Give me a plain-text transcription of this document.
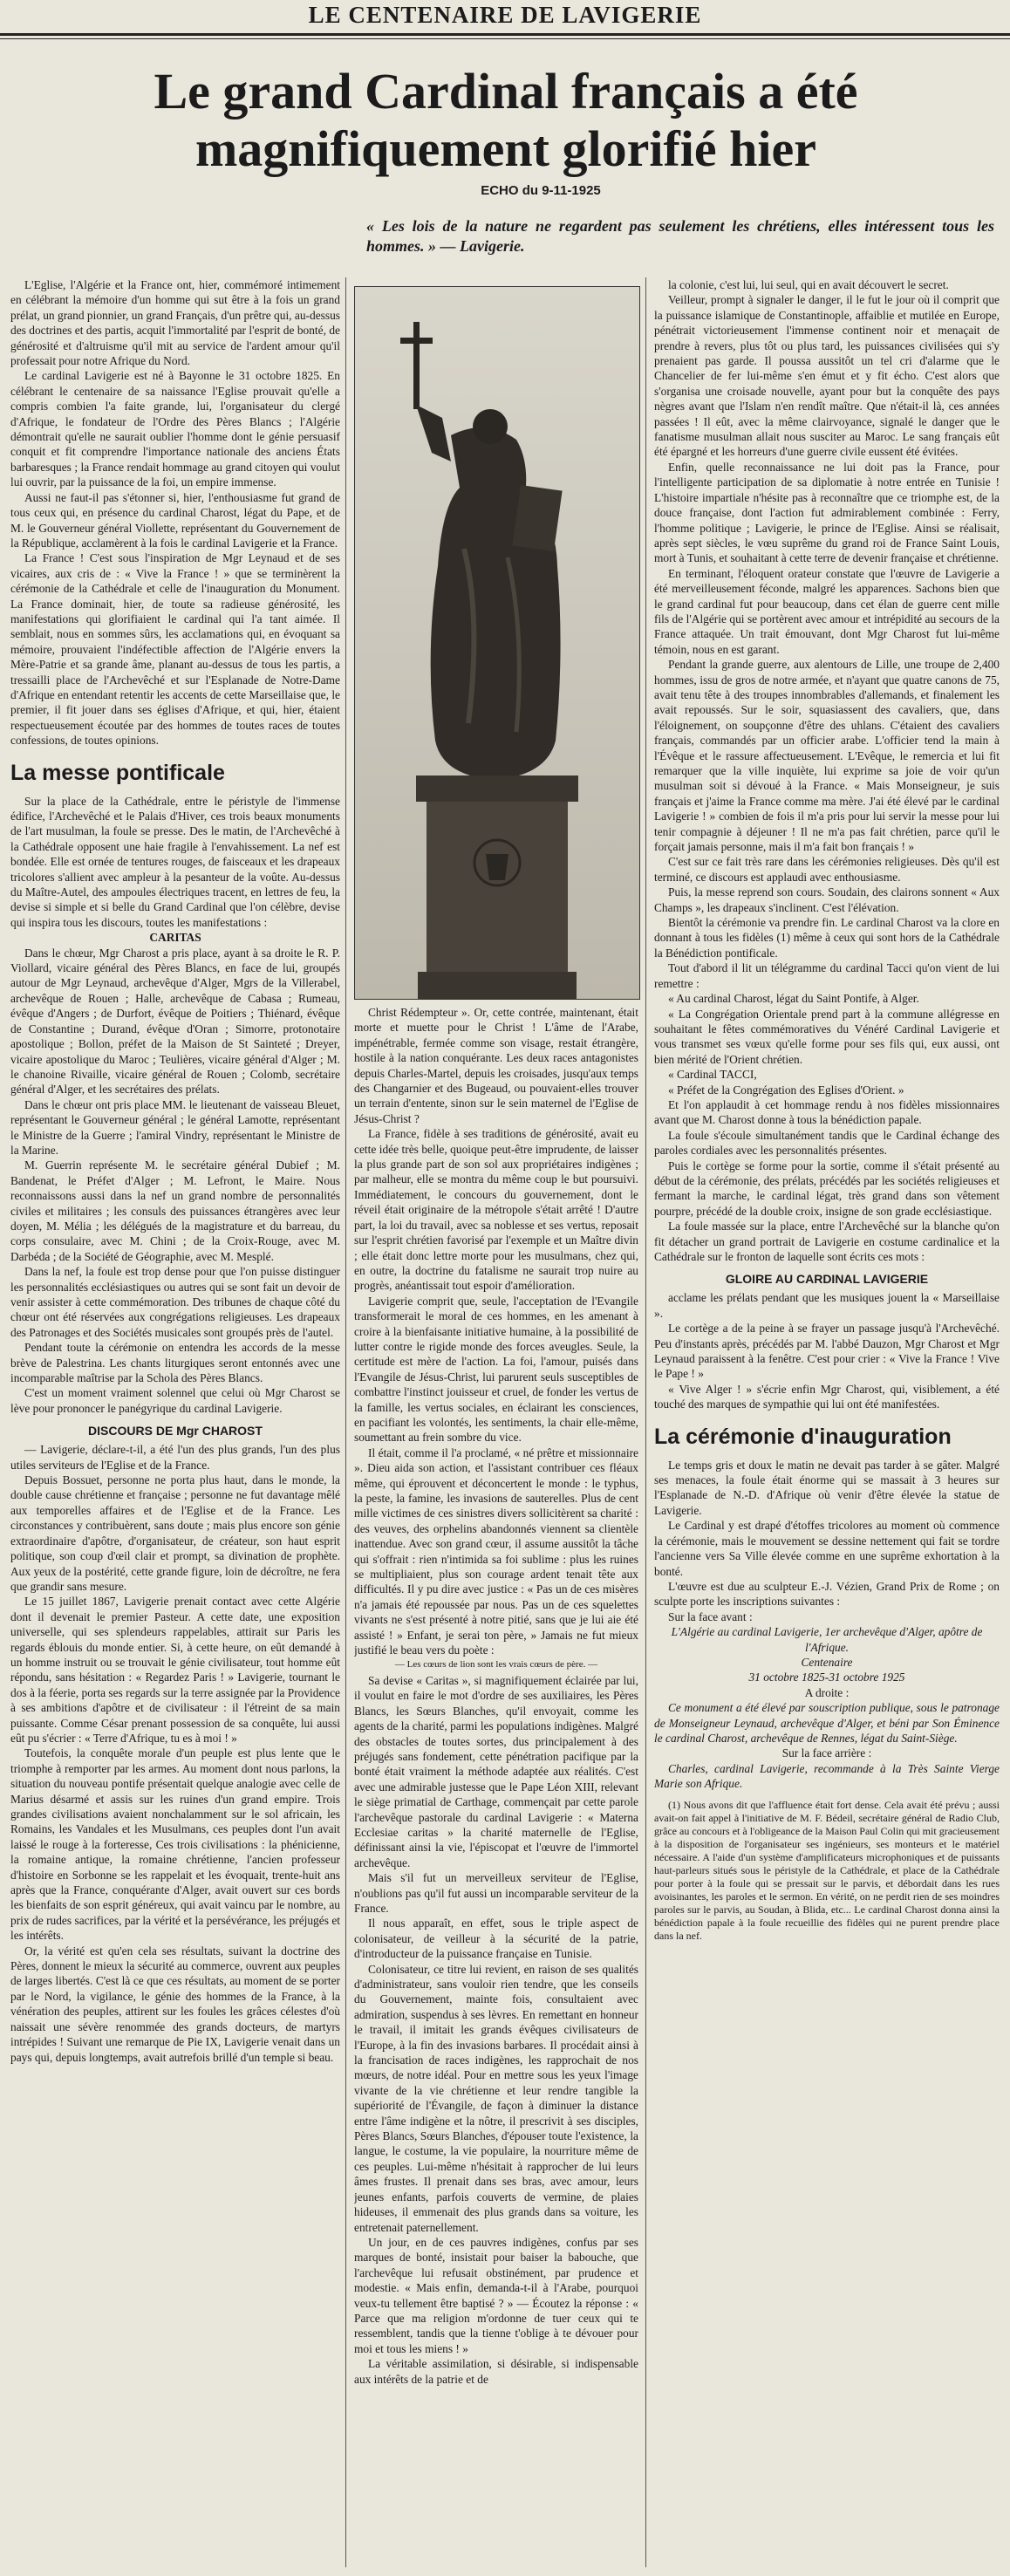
LE CENTENAIRE DE LAVIGERIE
Le grand Cardinal français a été
magnifiquement glorifié hier
ECHO du 9-11-1925
« Les lois de la nature ne regardent pas seulement les chrétiens, elles intéressent tous les hommes. » — Lavigerie.

L'Eglise, l'Algérie et la France ont, hier, commémoré intimement en célébrant la mémoire d'un homme qui sut être à la fois un grand prélat, un grand pionnier, un grand Français, d'un prêtre qui, au-dessus des doctrines et des partis, acquit l'immortalité par l'esprit de bonté, de générosité et d'altruisme qu'il mit au service de l'ardent amour qu'il professait pour notre Afrique du Nord.

Le cardinal Lavigerie est né à Bayonne le 31 octobre 1825. En célébrant le centenaire de sa naissance l'Eglise prouvait qu'elle a compris combien l'a faite grande, lui, l'organisateur du clergé d'Afrique, le fondateur de l'Ordre des Pères Blancs ; l'Algérie démontrait qu'elle ne saurait oublier l'homme dont le génie persuasif conquit et fit comprendre l'importance nationale des anciens États barbaresques ; la France rendait hommage au grand citoyen qui voulut lui ouvrir, par la puissance de la foi, un empire immense.

Aussi ne faut-il pas s'étonner si, hier, l'enthousiasme fut grand de tous ceux qui, en présence du cardinal Charost, légat du Pape, et de M. le Gouverneur général Viollette, représentant du Gouvernement de la République, acclamèrent à la fois le cardinal Lavigerie et la France.

La France ! C'est sous l'inspiration de Mgr Leynaud et de ses vicaires, aux cris de : « Vive la France ! » que se terminèrent la cérémonie de la Cathédrale et celle de l'inauguration du Monument. La France dominait, hier, de toute sa radieuse générosité, les manifestations qui glorifiaient le cardinal qui l'a tant aimée. Il semblait, nous en sommes sûrs, les acclamations qui, en évoquant sa mémoire, prouvaient l'indéfectible affection de l'Algérie envers la Mère-Patrie et sa grande âme, planant au-dessus de tous les partis, a tressailli place de l'Archevêché et sur l'Esplanade de Notre-Dame d'Afrique en entendant retentir les accents de cette Marseillaise que, le premier, il fit jouer dans ses églises d'Afrique, et qui, hier, étaient respectueusement écoutée par des hommes de toutes races de toutes confessions, de toutes opinions.

La messe pontificale

Sur la place de la Cathédrale, entre le péristyle de l'immense édifice, l'Archevêché et le Palais d'Hiver, ces trois beaux monuments de l'art musulman, la foule se presse. Des le matin, de l'Archevêché à la Cathédrale opposent une haie fragile à l'envahissement. La nef est bondée. Elle est ornée de tentures rouges, de faisceaux et les drapeaux tricolores s'allient avec ampleur à la pesanteur de la voûte. Au-dessus du Maître-Autel, des ampoules électriques tracent, en lettres de feu, la devise si simple et si belle du Grand Cardinal que l'on célèbre, devise qui inspira tous les discours, toutes les manifestations :

CARITAS

Dans le chœur, Mgr Charost a pris place, ayant à sa droite le R. P. Viollard, vicaire général des Pères Blancs, en face de lui, groupés autour de Mgr Leynaud, archevêque d'Alger, Mgrs de la Villerabel, archevêque de Rouen ; Halle, archevêque de Cabasa ; Rumeau, évêque d'Angers ; de Durfort, évêque de Poitiers ; Thiénard, évêque de Constantine ; Durand, évêque d'Oran ; Simorre, protonotaire apostolique ; Bollon, préfet de la Maison de St Sainteté ; Dreyer, vicaire apostolique du Maroc ; Teulières, vicaire général d'Alger ; M. le chanoine Rivaille, vicaire général de Rouen ; Colomb, secrétaire général d'Alger, et les secrétaires des prélats.

Dans le chœur ont pris place MM. le lieutenant de vaisseau Bleuet, représentant le Gouverneur général ; le général Lamotte, représentant le Ministre de la Guerre ; l'amiral Vindry, représentant le Ministre de la Marine.

M. Guerrin représente M. le secrétaire général Dubief ; M. Bandenat, le Préfet d'Alger ; M. Lefront, le Maire. Nous reconnaissons aussi dans la nef un grand nombre de personnalités civiles et militaires ; les consuls des puissances étrangères avec leur doyen, M. Mélia ; les délégués de la magistrature et du barreau, du corps consulaire, avec M. Chini ; de la Croix-Rouge, avec M. Darbéda ; de la Société de Géographie, avec M. Mesplé.

Dans la nef, la foule est trop dense pour que l'on puisse distinguer les personnalités ecclésiastiques ou autres qui se sont fait un devoir de venir assister à cette commémoration. Des tribunes de chaque côté du chœur ont été réservées aux congrégations religieuses. Les drapeaux des Patronages et des Sociétés musicales sont groupés près de l'autel.

Pendant toute la cérémonie on entendra les accords de la messe brève de Palestrina. Les chants liturgiques seront entonnés avec une incomparable maîtrise par la Schola des Pères Blancs.

C'est un moment vraiment solennel que celui où Mgr Charost se lève pour prononcer le panégyrique du cardinal Lavigerie.

DISCOURS DE Mgr CHAROST

— Lavigerie, déclare-t-il, a été l'un des plus grands, l'un des plus utiles serviteurs de l'Eglise et de la France.

Depuis Bossuet, personne ne porta plus haut, dans le monde, la double cause chrétienne et française ; personne ne fut davantage mêlé aux temporelles affaires et de l'Eglise et de la France. Les circonstances y contribuèrent, sans doute ; mais plus encore son génie extraordinaire d'apôtre, d'organisateur, de créateur, son haut esprit politique, son coup d'œil clair et prompt, sa divination de prophète. Aux yeux de la postérité, cette grande figure, loin de décroître, ne fera que grandir sans mesure.

Le 15 juillet 1867, Lavigerie prenait contact avec cette Algérie dont il devenait le premier Pasteur. A cette date, une exposition universelle, qui ses splendeurs rappelables, attirait sur Paris les regards éblouis du monde entier. Si, à cette heure, on eût demandé à un homme instruit ou se trouvait le génie civilisateur, tout homme eût répondu, sans hésitation : « Regardez Paris ! » Lavigerie, tournant le dos à la féerie, porta ses regards sur la terre assignée par la Providence à ses ambitions d'apôtre et de civilisateur : il l'étreint de sa main puissante. Comme César prenant possession de sa conquête, lui aussi eût pu s'écrier : « Terre d'Afrique, tu es à moi ! »

Toutefois, la conquête morale d'un peuple est plus lente que le triomphe à remporter par les armes. Au moment dont nous parlons, la situation du nouveau pontife présentait quelque analogie avec celle de Marius désarmé et assis sur les ruines d'un grand empire. Trois grandes civilisations avaient nonchalamment sur le sol africain, les Romains, les Vandales et les Musulmans, ces peuples dont l'un avait laissé le rouge à la forteresse, Ces trois civilisations : la phénicienne, la romaine antique, la romaine chrétienne, l'ancien professeur d'histoire en Sorbonne se les rappelait et les évoquait, trente-huit ans après que la France, conquérante d'Alger, avait ouvert sur ces bords les bienfaits de son esprit généreux, qui avait vaincu par le nombre, au prix de rudes sacrifices, par la vérité et la persévérance, les préjugés et les intérêts.

Or, la vérité est qu'en cela ses résultats, suivant la doctrine des Pères, donnent le mieux la sécurité au commerce, ouvrent aux peuples de larges libertés. C'est là ce que ces résultats, au moment de se porter par le Nord, la vigilance, le génie des hommes de la France, à la vénération des peuples, attirent sur les foules les grâces célestes d'où naissait une sévère renommée des grands docteurs, de martyrs intrépides ! Suivant une remarque de Pie IX, Lavigerie venait dans un pays qui, depuis longtemps, avait autrefois brillé d'un temple si beau.

Christ Rédempteur ». Or, cette contrée, maintenant, était morte et muette pour le Christ ! L'âme de l'Arabe, impénétrable, fermée comme son visage, restait étrangère, hostile à la nation conquérante. Les deux races antagonistes depuis Charles-Martel, depuis les croisades, jusqu'aux temps des Changarnier et des Bugeaud, ou pouvaient-elles trouver un terrain d'entente, sinon sur le sein maternel de l'Eglise de Jésus-Christ ?

La France, fidèle à ses traditions de générosité, avait eu cette idée très belle, quoique peut-être imprudente, de laisser la plus grande part de son sol aux propriétaires indigènes ; par malheur, elle se montra du même coup le but poursuivi. Immédiatement, le concours du gouvernement, dont le réveil était originaire de la métropole s'était arrêté ! D'autre part, la loi du travail, avec sa noblesse et ses vertus, reposait sur l'esprit chrétien favorisé par l'exemple et un Maître divin ; elle était donc lettre morte pour les musulmans, chez qui, en outre, la doctrine du fatalisme ne saurait trop nuire au progrès, anéantissait tout espoir d'amélioration.

Lavigerie comprit que, seule, l'acceptation de l'Evangile transformerait le moral de ces hommes, en les amenant à croire à la bienfaisante initiative humaine, à la possibilité de lutter contre le rigide monde des forces aveugles. Seule, la certitude est mère de l'action. La foi, l'amour, puisés dans l'Evangile de Jésus-Christ, lui parurent seuls susceptibles de combattre l'instinct jouisseur et cruel, de fonder les vertus de la famille, les vertus sociales, en éclairant les consciences, en pacifiant les volontés, les sentiments, la chair elle-même, soumettant au frein sombre du vice.

Il était, comme il l'a proclamé, « né prêtre et missionnaire ». Dieu aida son action, et l'assistant contribuer ces fléaux même, qui éprouvent et déconcertent le monde : le typhus, la peste, la famine, les invasions de sauterelles. Plus de cent mille victimes de ces sinistres divers sollicitèrent sa charité : des veuves, des orphelins abandonnés viennent sa clientèle inattendue. Avec son grand cœur, il assume aussitôt la tâche qui s'offrait : rien n'intimida sa foi sublime : plus les ruines se multipliaient, plus son courage ardent tenait tête aux difficultés. Il y pu dire avec justice : « Pas un de ces misères n'a jamais été repoussée par nous. Pas un de ces squelettes vivants ne s'est présenté à notre pitié, sans que je lui aie été assisté ! » Enfant, je serai ton père, » Jamais ne fut mieux justifié le beau vers du poète :

— Les cœurs de lion sont les vrais cœurs de père. —

Sa devise « Caritas », si magnifiquement éclairée par lui, il voulut en faire le mot d'ordre de ses auxiliaires, les Pères Blancs, les Sœurs Blanches, qu'il envoyait, comme les agents de la charité, parmi les populations indigènes. Malgré des obstacles de toutes sortes, dus principalement à des préjugés sans fondement, cette pénétration pacifique par la bonté était vraiment la méthode adaptée aux réalités. C'est avec une admirable justesse que le Pape Léon XIII, relevant le siège primatial de Carthage, commençait par cette parole l'archevêque pastorale du cardinal Lavigerie : « Materna Ecclesiae caritas » la charité maternelle de l'Eglise, définissant ainsi la vie, l'épiscopat et l'œuvre de l'immortel archevêque.

Mais s'il fut un merveilleux serviteur de l'Eglise, n'oublions pas qu'il fut aussi un incomparable serviteur de la France.

Il nous apparaît, en effet, sous le triple aspect de colonisateur, de veilleur à la sécurité de la patrie, d'introducteur de la puissance française en Tunisie.

Colonisateur, ce titre lui revient, en raison de ses qualités d'administrateur, sans vouloir rien tendre, que les conseils du Gouvernement, mainte fois, consultaient avec admiration, suspendus à ses lèvres. En remettant en honneur le travail, il imitait les grands évêques civilisateurs de l'Europe, à la fin des invasions barbares. Il procédait ainsi à la francisation de races indigènes, les rapprochait de nos mœurs, de notre idéal. Pour en mettre sous les yeux l'image vivante de la vie chrétienne et leur rendre tangible la supériorité de l'Évangile, de façon à diminuer la distance entre l'âme indigène et la nôtre, il prescrivit à ses disciples, Pères Blancs, Sœurs Blanches, d'épouser toute l'existence, la langue, le costume, la vie populaire, la nourriture même de ces peuples. Lui-même n'hésitait à rapprocher de lui leurs âmes frustes. Il prenait dans ses bras, avec amour, leurs jeunes enfants, parfois couverts de vermine, de plaies hideuses, il emmenait des plus grands dans sa voiture, les entretenait paternellement.

Un jour, en de ces pauvres indigènes, confus par ses marques de bonté, insistait pour baiser la babouche, que l'archevêque lui refusait obstinément, par prudence et modestie. « Mais enfin, demanda-t-il à l'Arabe, pourquoi veux-tu tellement être baptisé ? » — Écoutez la réponse : « Parce que ma religion m'ordonne de tuer ceux qui te ressemblent, tandis que la tienne t'oblige à te dévouer pour moi et tous les miens ! »

La véritable assimilation, si désirable, si indispensable aux intérêts de la patrie et de

la colonie, c'est lui, lui seul, qui en avait découvert le secret.

Veilleur, prompt à signaler le danger, il le fut le jour où il comprit que la puissance islamique de Constantinople, affaiblie et mutilée en Europe, pénétrait victorieusement l'immense continent noir et menaçait de prendre à revers, plus tôt ou plus tard, les puissances civilisées qui s'y prenaient pas garde. Il poussa aussitôt un tel cri d'alarme que le Chancelier de fer lui-même s'en émut et y fit écho. C'est alors que s'organisa une croisade nouvelle, ayant pour but la conquête des pays nègres avant que l'Islam n'en rendît maître. Que n'était-il là, ces années passées ! Il eût, avec la même clairvoyance, signalé le danger que le fanatisme musulman allait nous susciter au Maroc. Le sang français eût été épargné et les horreurs d'une guerre civile eussent été évitées.

Enfin, quelle reconnaissance ne lui doit pas la France, pour l'intelligente participation de sa diplomatie à notre entrée en Tunisie ! L'histoire impartiale n'hésite pas à reconnaître que ce triomphe est, de la douce française, dont l'action fut admirablement combinée : Ferry, l'homme politique ; Lavigerie, le prince de l'Eglise. Ainsi se réalisait, après sept siècles, le vœu suprême du grand roi de France Saint Louis, mort à Tunis, et souhaitant à cette terre de devenir française et chrétienne.

En terminant, l'éloquent orateur constate que l'œuvre de Lavigerie a été merveilleusement féconde, malgré les apparences. Sachons bien que le grand cardinal fut pour beaucoup, dans cet élan de guerre cent mille fils de l'Algérie qui se portèrent avec amour et intrépidité au secours de la France attaquée. Un trait émouvant, dont Mgr Charost fut lui-même témoin, nous en est garant.

Pendant la grande guerre, aux alentours de Lille, une troupe de 2,400 hommes, issu de gros de notre armée, et n'ayant que quatre canons de 75, avait tenu tête à des troupes innombrables d'allemands, et finalement les avait repoussés. Sur le soir, squasiassent des cavaliers, que, dans l'éloignement, on soupçonne d'être des uhlans. C'étaient des cavaliers français, commandés par un officier arabe. L'officier tend la main à l'Évêque et le rassure affectueusement. L'Evêque, le remercia et lui fit remarquer que la ville inquiète, lui exprime sa joie de voir qu'un musulman soit si dévoué à la France. « Mais Monseigneur, je suis français et j'aime la France comme ma mère. J'ai été élevé par le cardinal Lavigerie ! » combien de fois il m'a pris pour lui servir la messe pour lui tenir compagnie à déjeuner ! Il ne m'a pas fait chrétien, parce qu'il le forçait jamais personne, mais il m'a fait bon français ! »

C'est sur ce fait très rare dans les cérémonies religieuses. Dès qu'il est terminé, ce discours est applaudi avec enthousiasme.

Puis, la messe reprend son cours. Soudain, des clairons sonnent « Aux Champs », les drapeaux s'inclinent. C'est l'élévation.

Bientôt la cérémonie va prendre fin. Le cardinal Charost va la clore en donnant à tous les fidèles (1) même à ceux qui sont hors de la Cathédrale la Bénédiction pontificale.

Tout d'abord il lit un télégramme du cardinal Tacci qu'on vient de lui remettre :

« Au cardinal Charost, légat du Saint Pontife, à Alger.

« La Congrégation Orientale prend part à la commune allégresse en souhaitant le fêtes commémoratives du Vénéré Cardinal Lavigerie et vous transmet ses vœux qu'elle forme pour ses fils qui, eux aussi, ont bien mérité de l'Orient chrétien.

« Cardinal TACCI,

« Préfet de la Congrégation des Eglises d'Orient. »

Et l'on applaudit à cet hommage rendu à nos fidèles missionnaires avant que M. Charost donne à tous la bénédiction papale.

La foule s'écoule simultanément tandis que le Cardinal échange des paroles cordiales avec les personnalités présentes.

Puis le cortège se forme pour la sortie, comme il s'était présenté au début de la cérémonie, des prélats, précédés par les sociétés religieuses et fermant la marche, le cardinal légat, très grand dans son vêtement pourpre, précédé de la double croix, insigne de son grade ecclésiastique.

La foule massée sur la place, entre l'Archevêché sur la blanche qu'on fit détacher un grand portrait de Lavigerie en costume cardinalice et la Cathédrale sur le fronton de laquelle sont écrits ces mots :

GLOIRE AU CARDINAL LAVIGERIE

acclame les prélats pendant que les musiques jouent la « Marseillaise ».

Le cortège a de la peine à se frayer un passage jusqu'à l'Archevêché. Peu d'instants après, précédés par M. l'abbé Dauzon, Mgr Charost et Mgr Leynaud paraissent à la fenêtre. C'est pour crier : « Vive la France ! Vive le Pape ! »

« Vive Alger ! » s'écrie enfin Mgr Charost, qui, visiblement, a été touché des marques de sympathie qui lui ont été manifestées.

La cérémonie d'inauguration

Le temps gris et doux le matin ne devait pas tarder à se gâter. Malgré ses menaces, la foule était énorme qui se massait à 3 heures sur l'Esplanade de N.-D. d'Afrique où venir d'être élevée la statue de Lavigerie.

Le Cardinal y est drapé d'étoffes tricolores au moment où commence la cérémonie, mais le mouvement se dessine nettement qui fait se tordre l'ancienne vers Sa Ville élevée comme en une suprême exhortation à la bonté.

L'œuvre est due au sculpteur E.-J. Vézien, Grand Prix de Rome ; on sculpte porte les inscriptions suivantes :

Sur la face avant :

L'Algérie au cardinal Lavigerie, 1er archevêque d'Alger, apôtre de l'Afrique.

Centenaire

31 octobre 1825-31 octobre 1925

A droite :

Ce monument a été élevé par souscription publique, sous le patronage de Monseigneur Leynaud, archevêque d'Alger, et béni par Son Éminence le cardinal Charost, archevêque de Rennes, légat du Saint-Siège.

Sur la face arrière :

Charles, cardinal Lavigerie, recommande à la Très Sainte Vierge Marie son Afrique.

(1) Nous avons dit que l'affluence était fort dense. Cela avait été prévu ; aussi avait-on fait appel à l'initiative de M. F. Bédeil, secrétaire général de Radio Club, grâce au concours et à l'obligeance de la Maison Paul Colin qui mit gracieusement à la disposition de l'organisateur ses ingénieurs, ses monteurs et le matériel nécessaire. A l'aide d'un système d'amplificateurs microphoniques et de puissants haut-parleurs situés sous le péristyle de la Cathédrale, et place de la Cathédrale pour porter à la foule qui se pressait sur le parvis, et débordait dans les rues avoisinantes, les paroles et le sermon. En vérité, on ne perdit rien de ses moindres paroles sur le parvis, au Soudan, à Blida, etc... Le cardinal Charost donna ainsi la bénédiction papale à la foule recueillie des fidèles qui ne purent prendre place dans la nef.
